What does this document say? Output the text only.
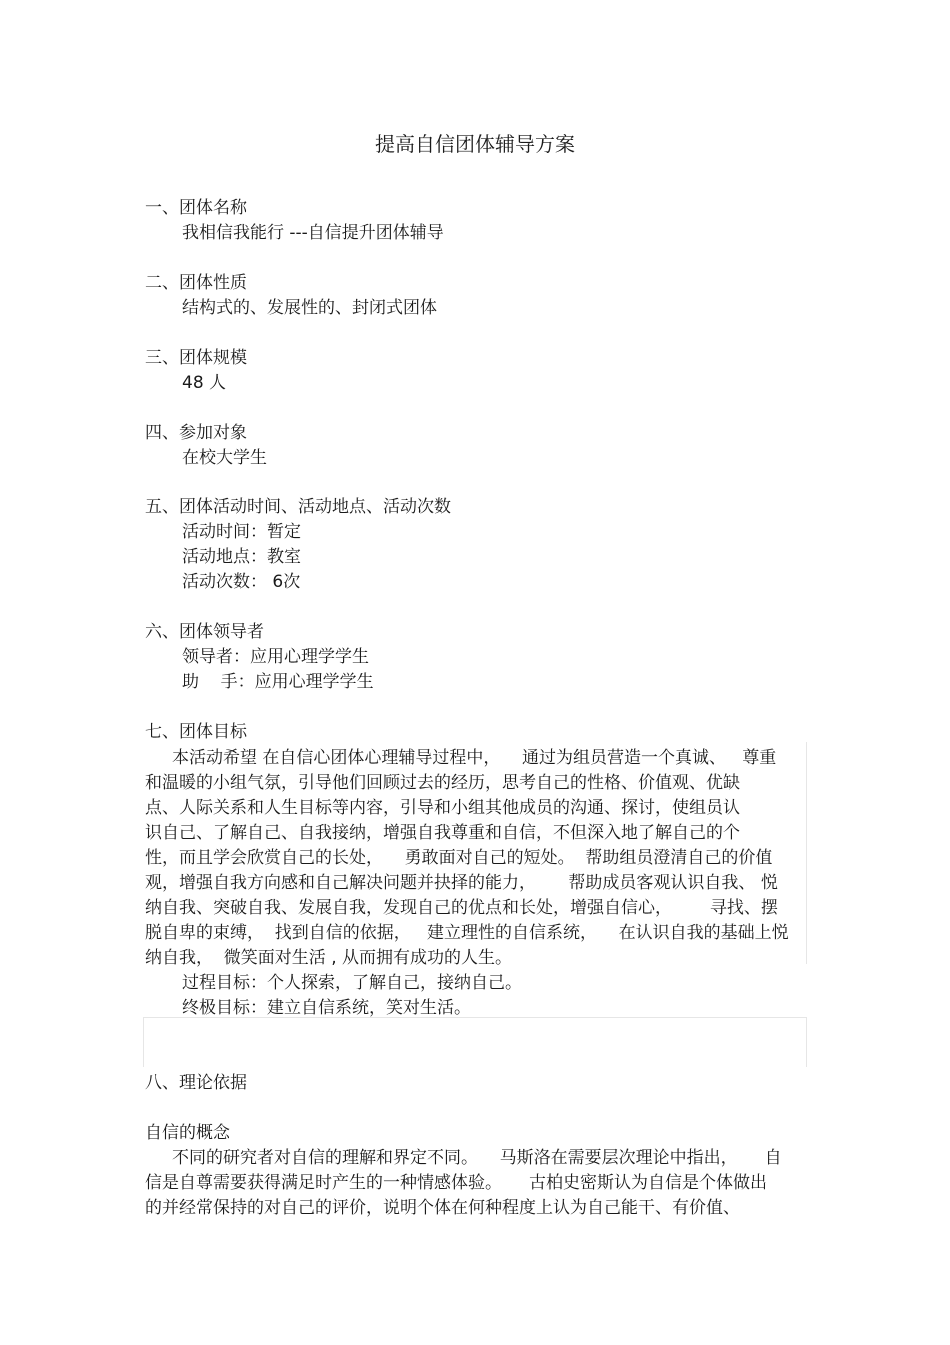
提高自信团体辅导方案
一、团体名称
我相信我能行 ---自信提升团体辅导
二、团体性质
结构式的、发展性的、封闭式团体
三、团体规模
48 人
四、参加对象
在校大学生
五、团体活动时间、活动地点、活动次数
活动时间：暂定
活动地点：教室
活动次数： 6次
六、团体领导者
领导者：应用心理学学生
助    手：应用心理学学生
七、团体目标
本活动希望 在自信心团体心理辅导过程中，    通过为组员营造一个真诚、   尊重
和温暖的小组气氛，引导他们回顾过去的经历，思考自己的性格、价值观、优缺
点、人际关系和人生目标等内容，引导和小组其他成员的沟通、探讨，使组员认
识自己、了解自己、自我接纳，增强自我尊重和自信，不但深入地了解自己的个
性，而且学会欣赏自己的长处，    勇敢面对自己的短处。  帮助组员澄清自己的价值
观，增强自我方向感和自己解决问题并抉择的能力，      帮助成员客观认识自我、 悦
纳自我、突破自我、发展自我，发现自己的优点和长处，增强自信心，       寻找、摆
脱自卑的束缚，  找到自信的依据，   建立理性的自信系统，    在认识自我的基础上悦
纳自我，  微笑面对生活 , 从而拥有成功的人生。
过程目标：个人探索，了解自己，接纳自己。
终极目标：建立自信系统，笑对生活。
八、理论依据
自信的概念
不同的研究者对自信的理解和界定不同。    马斯洛在需要层次理论中指出，     自
信是自尊需要获得满足时产生的一种情感体验。     古柏史密斯认为自信是个体做出
的并经常保持的对自己的评价，说明个体在何种程度上认为自己能干、有价值、
